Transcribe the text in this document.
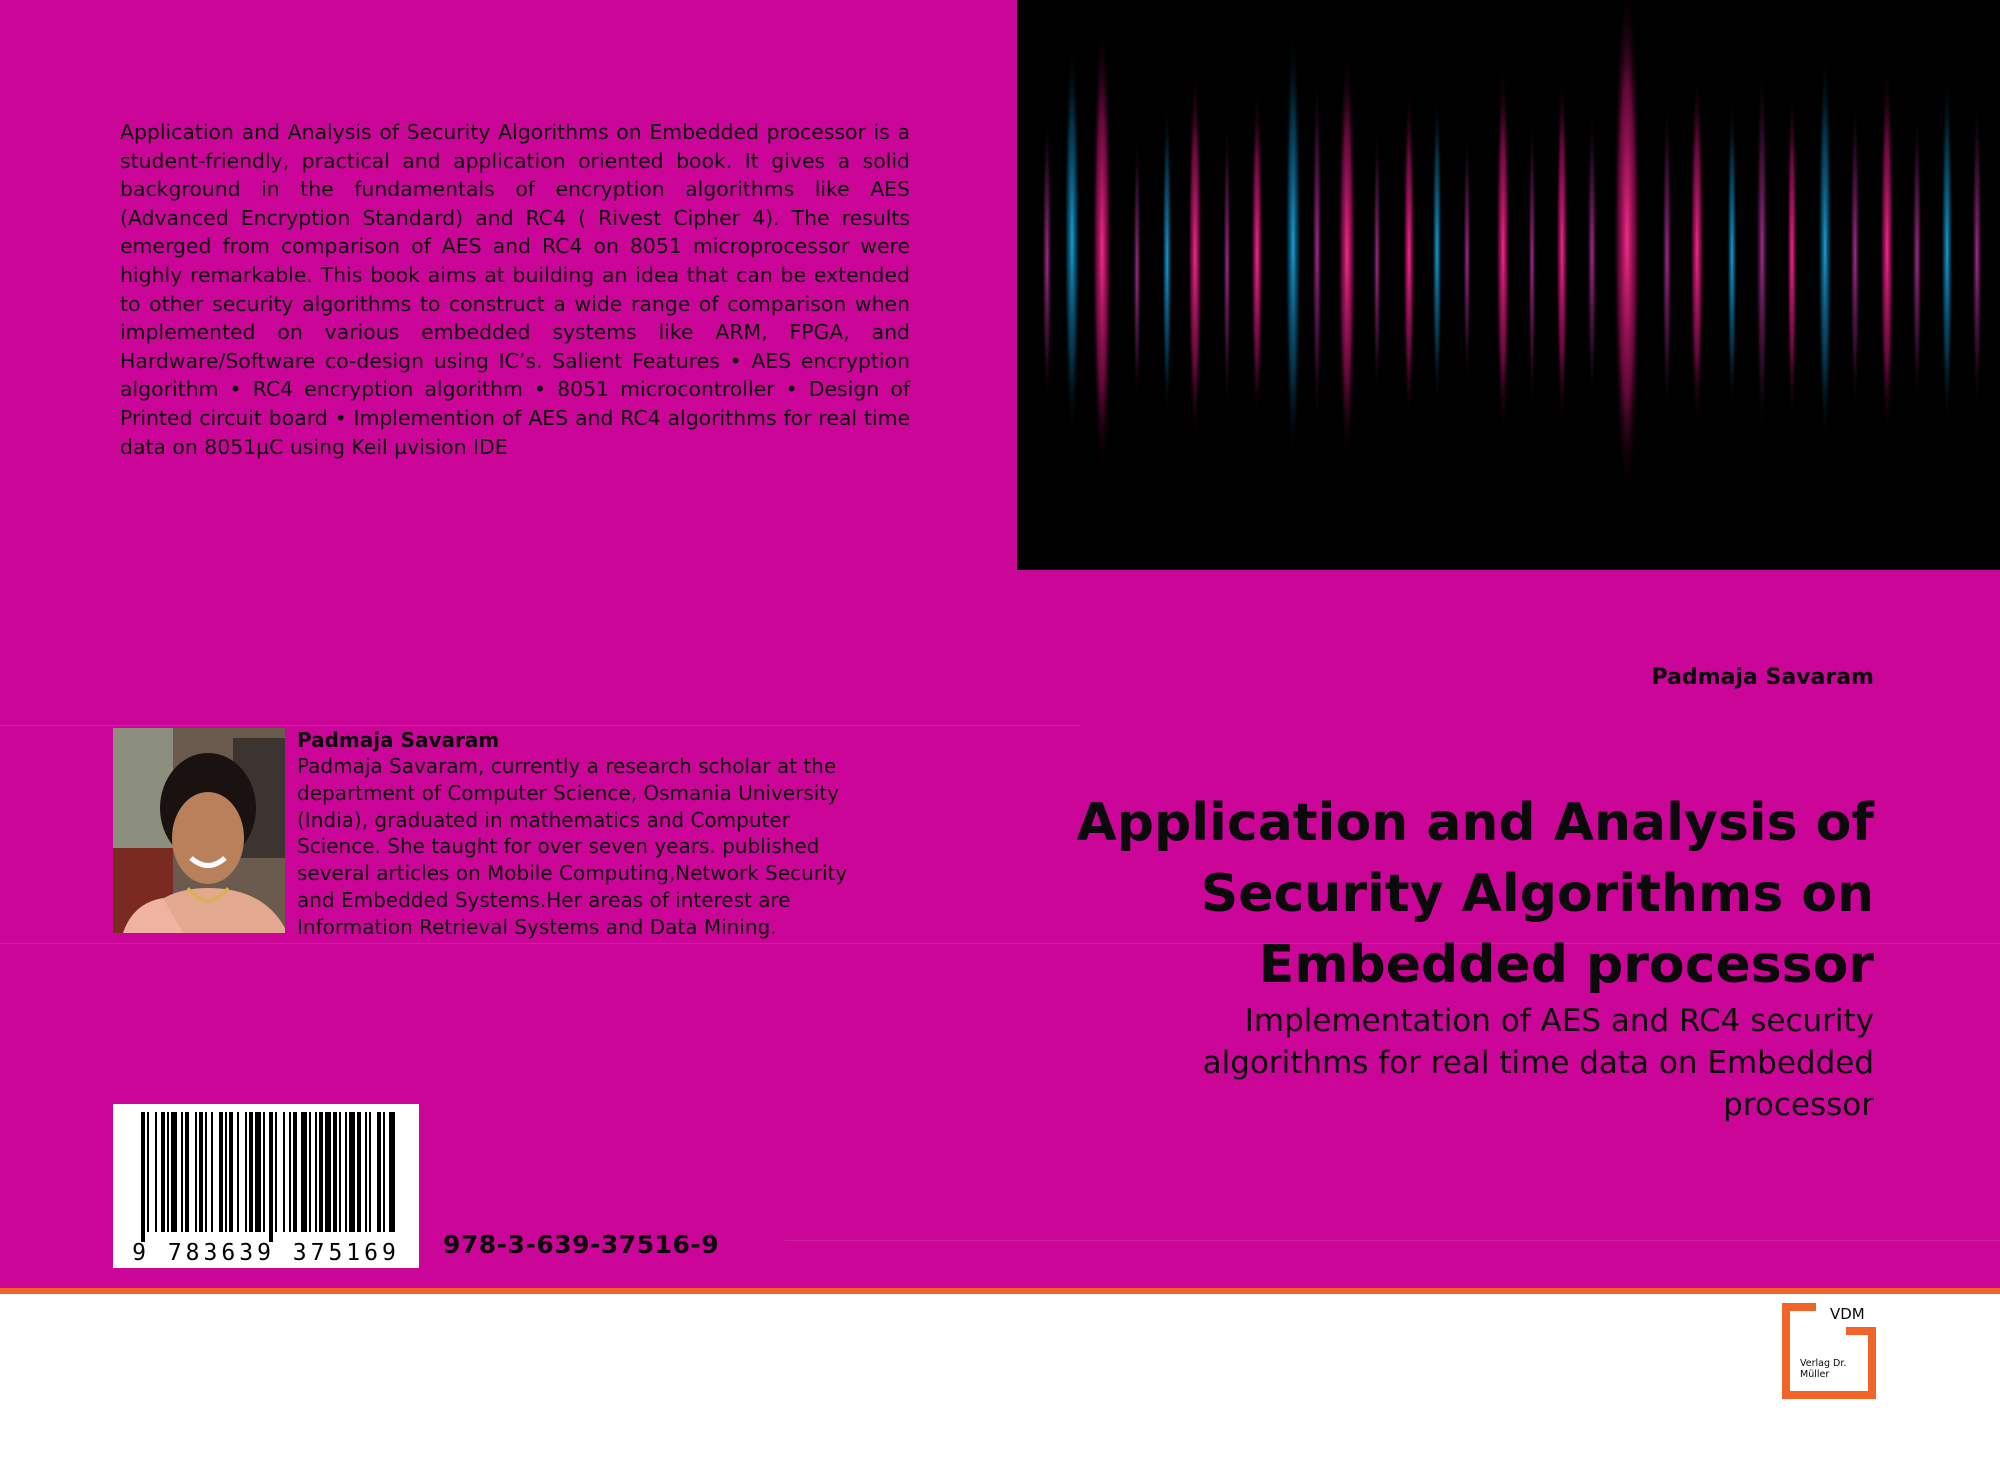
Application and Analysis of Security Algorithms on Embedded processor is a student-friendly, practical and application oriented book. It gives a solid background in the fundamentals of encryption algorithms like AES (Advanced Encryption Standard) and RC4 ( Rivest Cipher 4). The results emerged from comparison of AES and RC4 on 8051 microprocessor were highly remarkable. This book aims at building an idea that can be extended to other security algorithms to construct a wide range of comparison when implemented on various embedded systems like ARM, FPGA, and Hardware/Software co-design using IC’s. Salient Features • AES encryption algorithm • RC4 encryption algorithm • 8051 microcontroller • Design of Printed circuit board • Implemention of AES and RC4 algorithms for real time data on 8051µC using Keil µvision IDE

Padmaja Savaram

Padmaja Savaram, currently a research scholar at the department of Computer Science, Osmania University (India), graduated in mathematics and Computer Science. She taught for over seven years. published several articles on Mobile Computing,Network Security and Embedded Systems.Her areas of interest are Information Retrieval Systems and Data Mining.

9 783639 375169 978-3-639-37516-9

Padmaja Savaram

Application and Analysis of Security Algorithms on Embedded processor

Implementation of AES and RC4 security algorithms for real time data on Embedded processor

VDM

Verlag Dr. Müller
